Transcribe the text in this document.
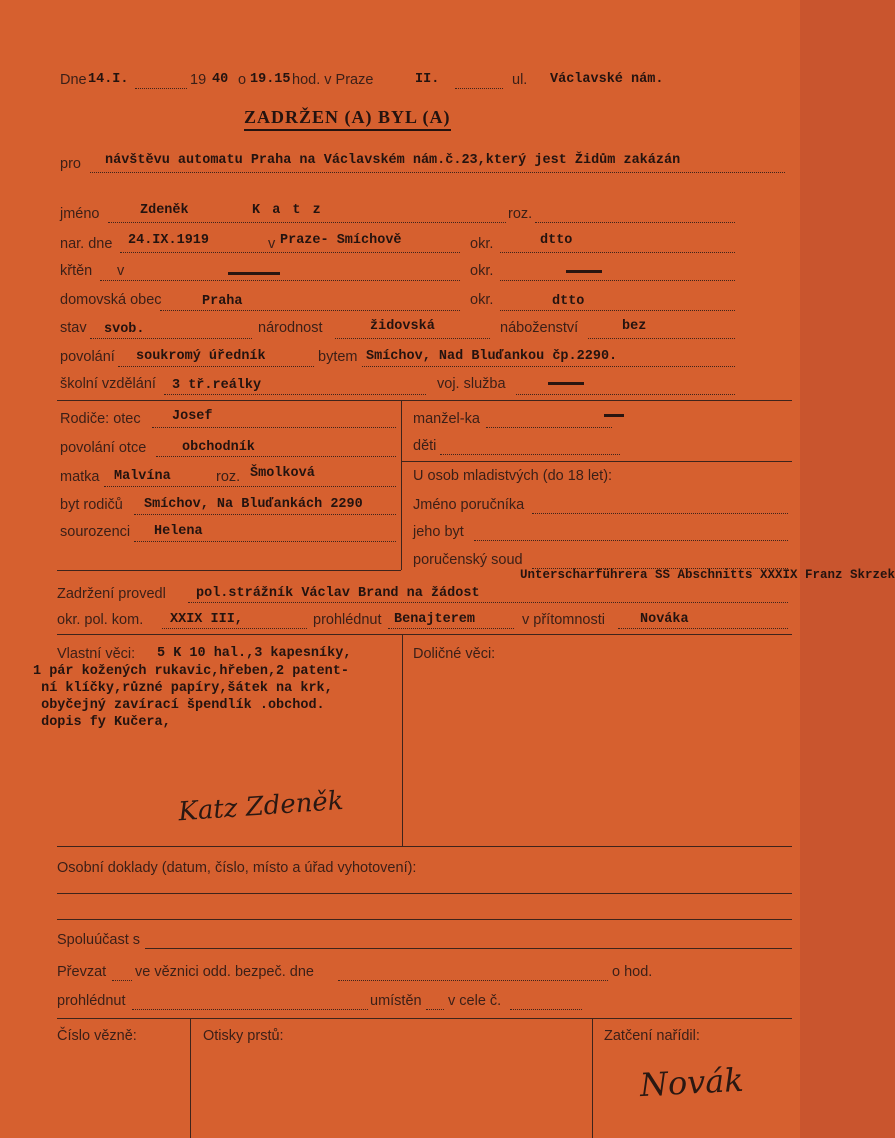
Dne 14.I.	19 40 o 19.15 hod. v Praze	II.	ul. Václavské nám.
ZADRŽEN (A) BYL (A)
pro návštěvu automatu Praha na Václavském nám.č.23,který jest Židům zakázán
jméno	Zdeněk	K a t z	roz.
nar. dne 24.IX.1919	v Praze- Smíchově	okr.	dtto
křtěn v	okr.
domovská obec	Praha	okr.	dtto
stav svob.	národnost	židovská	náboženství	bez
povolání soukromý úředník	bytem Smíchov, Nad Bluďankou čp.2290.
školní vzdělání 3 tř.reálky	voj. služba
Rodiče: otec Josef
povolání otce	obchodník
matka Malvína	roz. Šmolková
byt rodičů Smíchov, Na Bluďankách 2290
sourozenci Helena
manžel-ka
děti
U osob mladistvých (do 18 let):
Jméno poručníka
jeho byt
poručenský soud
Unterscharführera SS Abschnitts XXXIX Franz Skrzek
Zadržení provedl pol.strážník Václav Brand na žádost
okr. pol. kom. XXIX III,	prohlédnut Benajterem	v přítomnosti	Nováka
Vlastní věci: 5 K 10 hal.,3 kapesníky,
1 pár kožených rukavic,hřeben,2 patent-
ní klíčky,různé papíry,šátek na krk,
obyčejný zavírací špendlík .obchod.
dopis fy Kučera,
Doličné věci:
Katz Zdeněk
Osobní doklady (datum, číslo, místo a úřad vyhotovení):
Spoluúčast s
Převzat ve věznici odd. bezpeč. dne	o hod.
prohlédnut	umístěn v cele č.
Číslo vězně:	Otisky prstů:	Zatčení nařídil:
Novák
